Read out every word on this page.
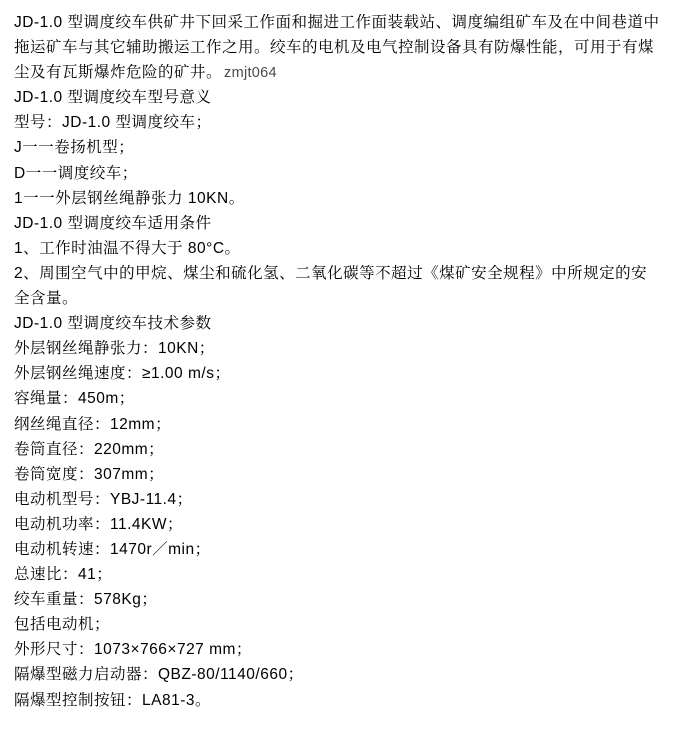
JD-1.0 型调度绞车供矿井下回采工作面和掘进工作面装载站、调度编组矿车及在中间巷道中

拖运矿车与其它辅助搬运工作之用。绞车的电机及电气控制设备具有防爆性能，可用于有煤

尘及有瓦斯爆炸危险的矿井。 zmjt064

JD-1.0 型调度绞车型号意义

型号：JD-1.0 型调度绞车；

J一一卷扬机型；

D一一调度绞车；

1一一外层钢丝绳静张力 10KN。

JD-1.0 型调度绞车适用条件

1、工作时油温不得大于 80°C。

2、周围空气中的甲烷、煤尘和硫化氢、二氧化碳等不超过《煤矿安全规程》中所规定的安

全含量。

JD-1.0 型调度绞车技术参数

外层钢丝绳静张力：10KN；

外层钢丝绳速度：≥1.00 m/s；

容绳量：450m；

纲丝绳直径：12mm；

卷筒直径：220mm；

卷筒宽度：307mm；

电动机型号：YBJ-11.4；

电动机功率：11.4KW；

电动机转速：1470r／min；

总速比：41；

绞车重量：578Kg；

包括电动机；

外形尺寸：1073×766×727 mm；

隔爆型磁力启动器：QBZ-80/1140/660；

隔爆型控制按钮：LA81-3。
